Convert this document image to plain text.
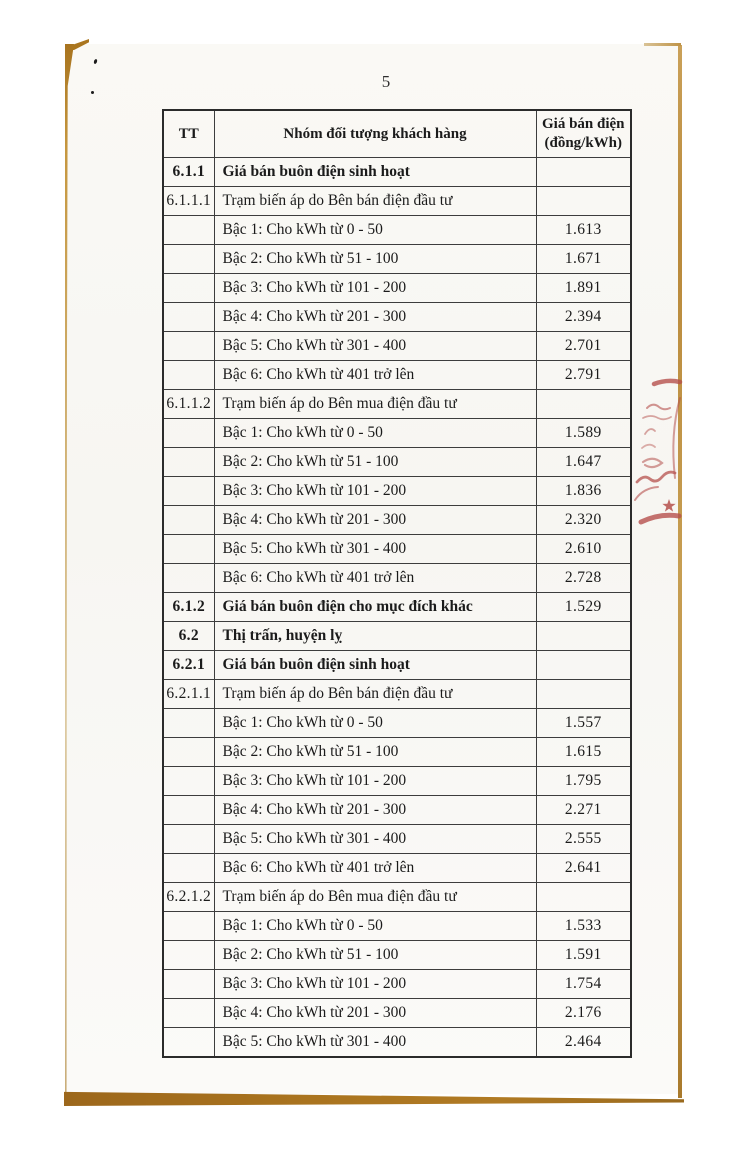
5
TT	Nhóm đối tượng khách hàng	Giá bán điện
(đồng/kWh)

6.1.1	Giá bán buôn điện sinh hoạt	
6.1.1.1	Trạm biến áp do Bên bán điện đầu tư	
	Bậc 1: Cho kWh từ 0 - 50	1.613
	Bậc 2: Cho kWh từ 51 - 100	1.671
	Bậc 3: Cho kWh từ 101 - 200	1.891
	Bậc 4: Cho kWh từ 201 - 300	2.394
	Bậc 5: Cho kWh từ 301 - 400	2.701
	Bậc 6: Cho kWh từ 401 trở lên	2.791
6.1.1.2	Trạm biến áp do Bên mua điện đầu tư	
	Bậc 1: Cho kWh từ 0 - 50	1.589
	Bậc 2: Cho kWh từ 51 - 100	1.647
	Bậc 3: Cho kWh từ 101 - 200	1.836
	Bậc 4: Cho kWh từ 201 - 300	2.320
	Bậc 5: Cho kWh từ 301 - 400	2.610
	Bậc 6: Cho kWh từ 401 trở lên	2.728
6.1.2	Giá bán buôn điện cho mục đích khác	1.529
6.2	Thị trấn, huyện lỵ	
6.2.1	Giá bán buôn điện sinh hoạt	
6.2.1.1	Trạm biến áp do Bên bán điện đầu tư	
	Bậc 1: Cho kWh từ 0 - 50	1.557
	Bậc 2: Cho kWh từ 51 - 100	1.615
	Bậc 3: Cho kWh từ 101 - 200	1.795
	Bậc 4: Cho kWh từ 201 - 300	2.271
	Bậc 5: Cho kWh từ 301 - 400	2.555
	Bậc 6: Cho kWh từ 401 trở lên	2.641
6.2.1.2	Trạm biến áp do Bên mua điện đầu tư	
	Bậc 1: Cho kWh từ 0 - 50	1.533
	Bậc 2: Cho kWh từ 51 - 100	1.591
	Bậc 3: Cho kWh từ 101 - 200	1.754
	Bậc 4: Cho kWh từ 201 - 300	2.176
	Bậc 5: Cho kWh từ 301 - 400	2.464
